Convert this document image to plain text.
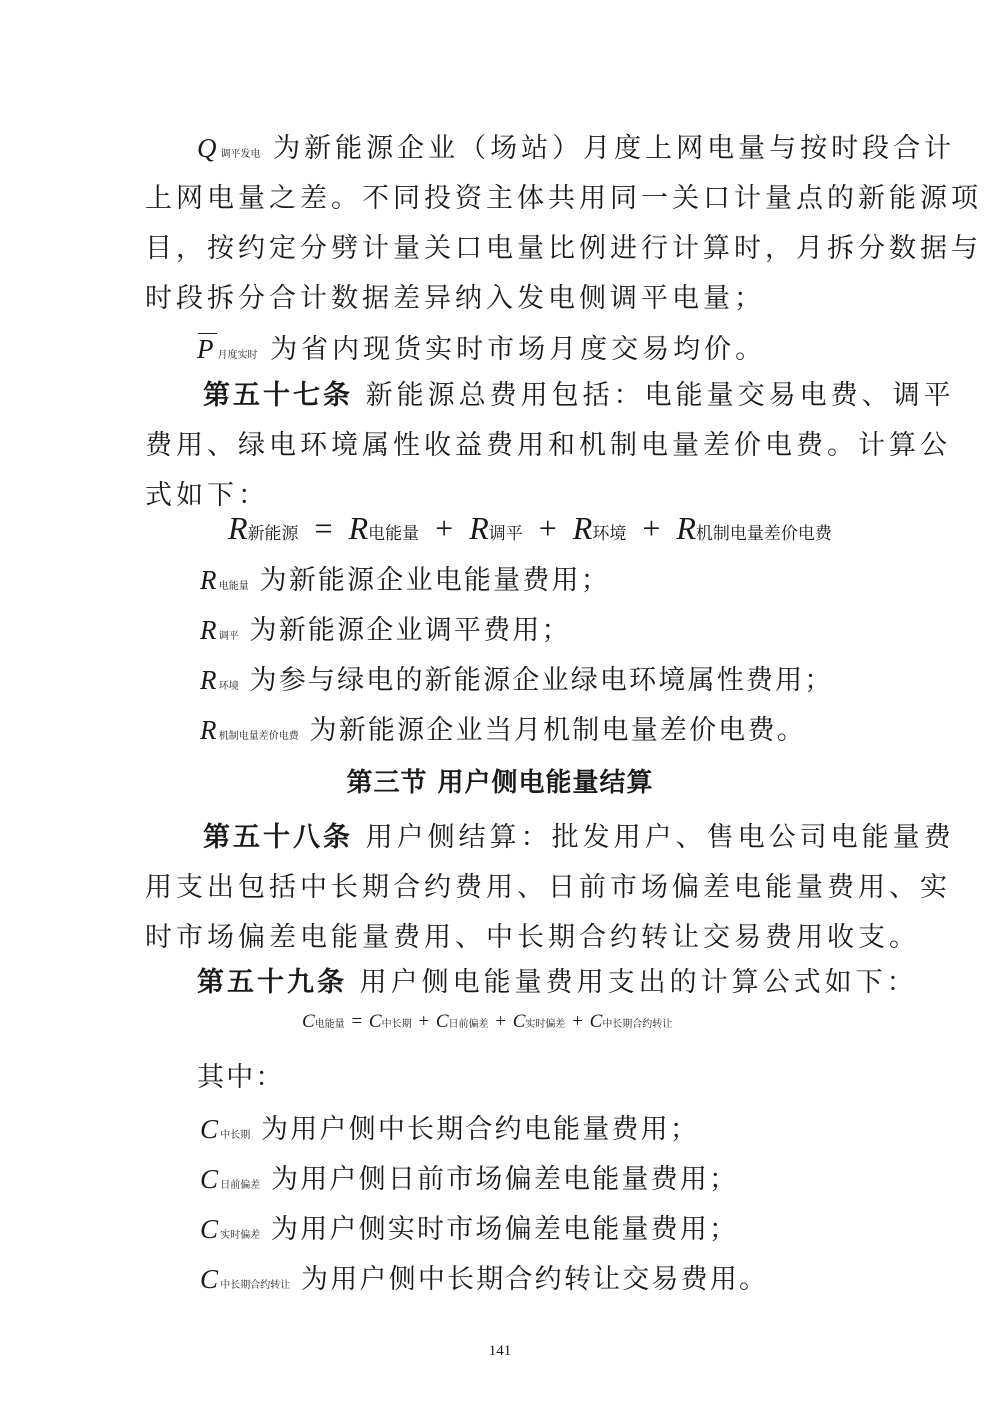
Q调平发电 为新能源企业（场站）月度上网电量与按时段合计
上网电量之差。不同投资主体共用同一关口计量点的新能源项
目，按约定分劈计量关口电量比例进行计算时，月拆分数据与
时段拆分合计数据差异纳入发电侧调平电量；
P月度实时 为省内现货实时市场月度交易均价。
第五十七条 新能源总费用包括：电能量交易电费、调平
费用、绿电环境属性收益费用和机制电量差价电费。计算公
式如下：
R新能源 = R电能量 + R调平 + R环境 + R机制电量差价电费
R电能量 为新能源企业电能量费用；
R调平 为新能源企业调平费用；
R环境 为参与绿电的新能源企业绿电环境属性费用；
R机制电量差价电费 为新能源企业当月机制电量差价电费。
第三节 用户侧电能量结算
第五十八条 用户侧结算：批发用户、售电公司电能量费
用支出包括中长期合约费用、日前市场偏差电能量费用、实
时市场偏差电能量费用、中长期合约转让交易费用收支。
第五十九条 用户侧电能量费用支出的计算公式如下：
C电能量 = C中长期 + C日前偏差 + C实时偏差 + C中长期合约转让
其中：
C中长期 为用户侧中长期合约电能量费用；
C日前偏差 为用户侧日前市场偏差电能量费用；
C实时偏差 为用户侧实时市场偏差电能量费用；
C中长期合约转让 为用户侧中长期合约转让交易费用。
141
